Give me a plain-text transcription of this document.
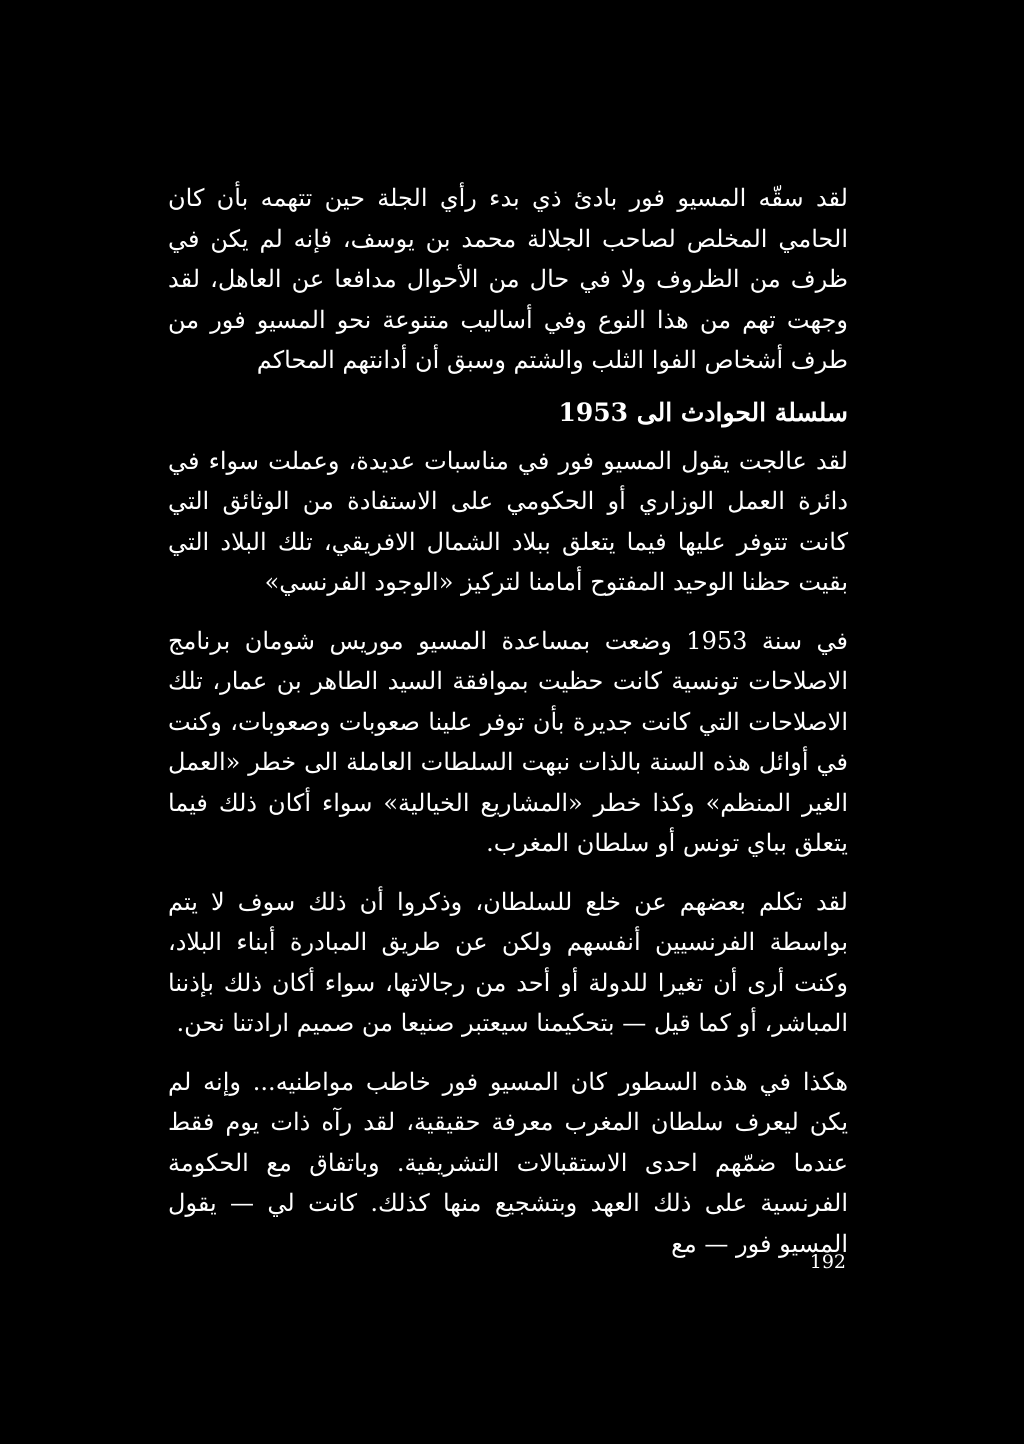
لقد سقّه المسيو فور بادئ ذي بدء رأي الجلة حين تتهمه بأن كان الحامي المخلص لصاحب الجلالة محمد بن يوسف، فإنه لم يكن في ظرف من الظروف ولا في حال من الأحوال مدافعا عن العاهل، لقد وجهت تهم من هذا النوع وفي أساليب متنوعة نحو المسيو فور من طرف أشخاص الفوا الثلب والشتم وسبق أن أدانتهم المحاكم

سلسلة الحوادث الى 1953

لقد عالجت يقول المسيو فور في مناسبات عديدة، وعملت سواء في دائرة العمل الوزاري أو الحكومي على الاستفادة من الوثائق التي كانت تتوفر عليها فيما يتعلق ببلاد الشمال الافريقي، تلك البلاد التي بقيت حظنا الوحيد المفتوح أمامنا لتركيز «الوجود الفرنسي»

في سنة 1953 وضعت بمساعدة المسيو موريس شومان برنامج الاصلاحات تونسية كانت حظيت بموافقة السيد الطاهر بن عمار، تلك الاصلاحات التي كانت جديرة بأن توفر علينا صعوبات وصعوبات، وكنت في أوائل هذه السنة بالذات نبهت السلطات العاملة الى خطر «العمل الغير المنظم» وكذا خطر «المشاريع الخيالية» سواء أكان ذلك فيما يتعلق بباي تونس أو سلطان المغرب.

لقد تكلم بعضهم عن خلع للسلطان، وذكروا أن ذلك سوف لا يتم بواسطة الفرنسيين أنفسهم ولكن عن طريق المبادرة أبناء البلاد، وكنت أرى أن تغيرا للدولة أو أحد من رجالاتها، سواء أكان ذلك بإذننا المباشر، أو كما قيل — بتحكيمنا سيعتبر صنيعا من صميم ارادتنا نحن.

هكذا في هذه السطور كان المسيو فور خاطب مواطنيه... وإنه لم يكن ليعرف سلطان المغرب معرفة حقيقية، لقد رآه ذات يوم فقط عندما ضمّهم احدى الاستقبالات التشريفية. وباتفاق مع الحكومة الفرنسية على ذلك العهد وبتشجيع منها كذلك. كانت لي — يقول المسيو فور — مع

192
